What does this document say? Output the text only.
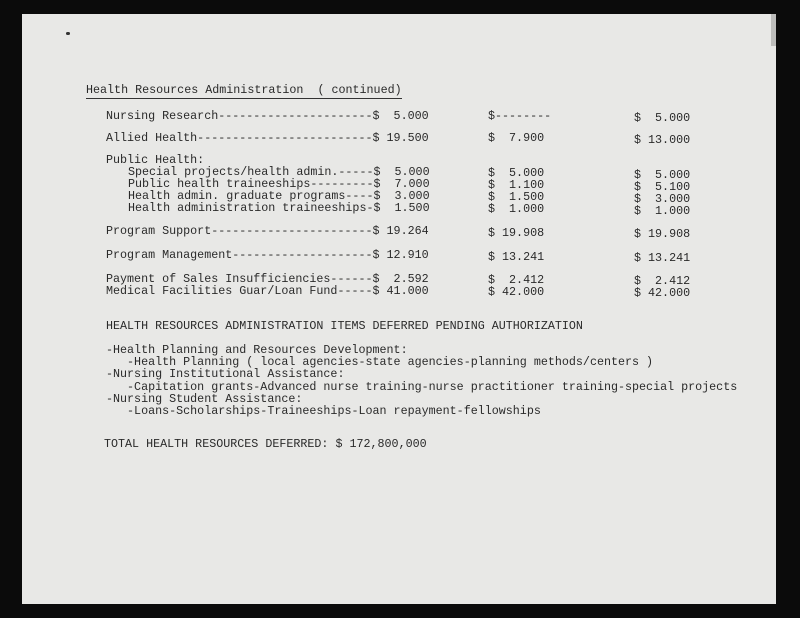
Health Resources Administration  ( continued)
Nursing Research----------------------$  5.000	$--------	$  5.000
Allied Health-------------------------$ 19.500	$  7.900	$ 13.000
Public Health:
Special projects/health admin.-----$  5.000	$  5.000	$  5.000
Public health traineeships---------$  7.000	$  1.100	$  5.100
Health admin. graduate programs----$  3.000	$  1.500	$  3.000
Health administration traineeships-$  1.500	$  1.000	$  1.000
Program Support-----------------------$ 19.264	$ 19.908	$ 19.908
Program Management--------------------$ 12.910	$ 13.241	$ 13.241
Payment of Sales Insufficiencies------$  2.592	$  2.412	$  2.412
Medical Facilities Guar/Loan Fund-----$ 41.000	$ 42.000	$ 42.000
HEALTH RESOURCES ADMINISTRATION ITEMS DEFERRED PENDING AUTHORIZATION
-Health Planning and Resources Development:
-Health Planning ( local agencies-state agencies-planning methods/centers )
-Nursing Institutional Assistance:
-Capitation grants-Advanced nurse training-nurse practitioner training-special projects
-Nursing Student Assistance:
-Loans-Scholarships-Traineeships-Loan repayment-fellowships
TOTAL HEALTH RESOURCES DEFERRED: $ 172,800,000
